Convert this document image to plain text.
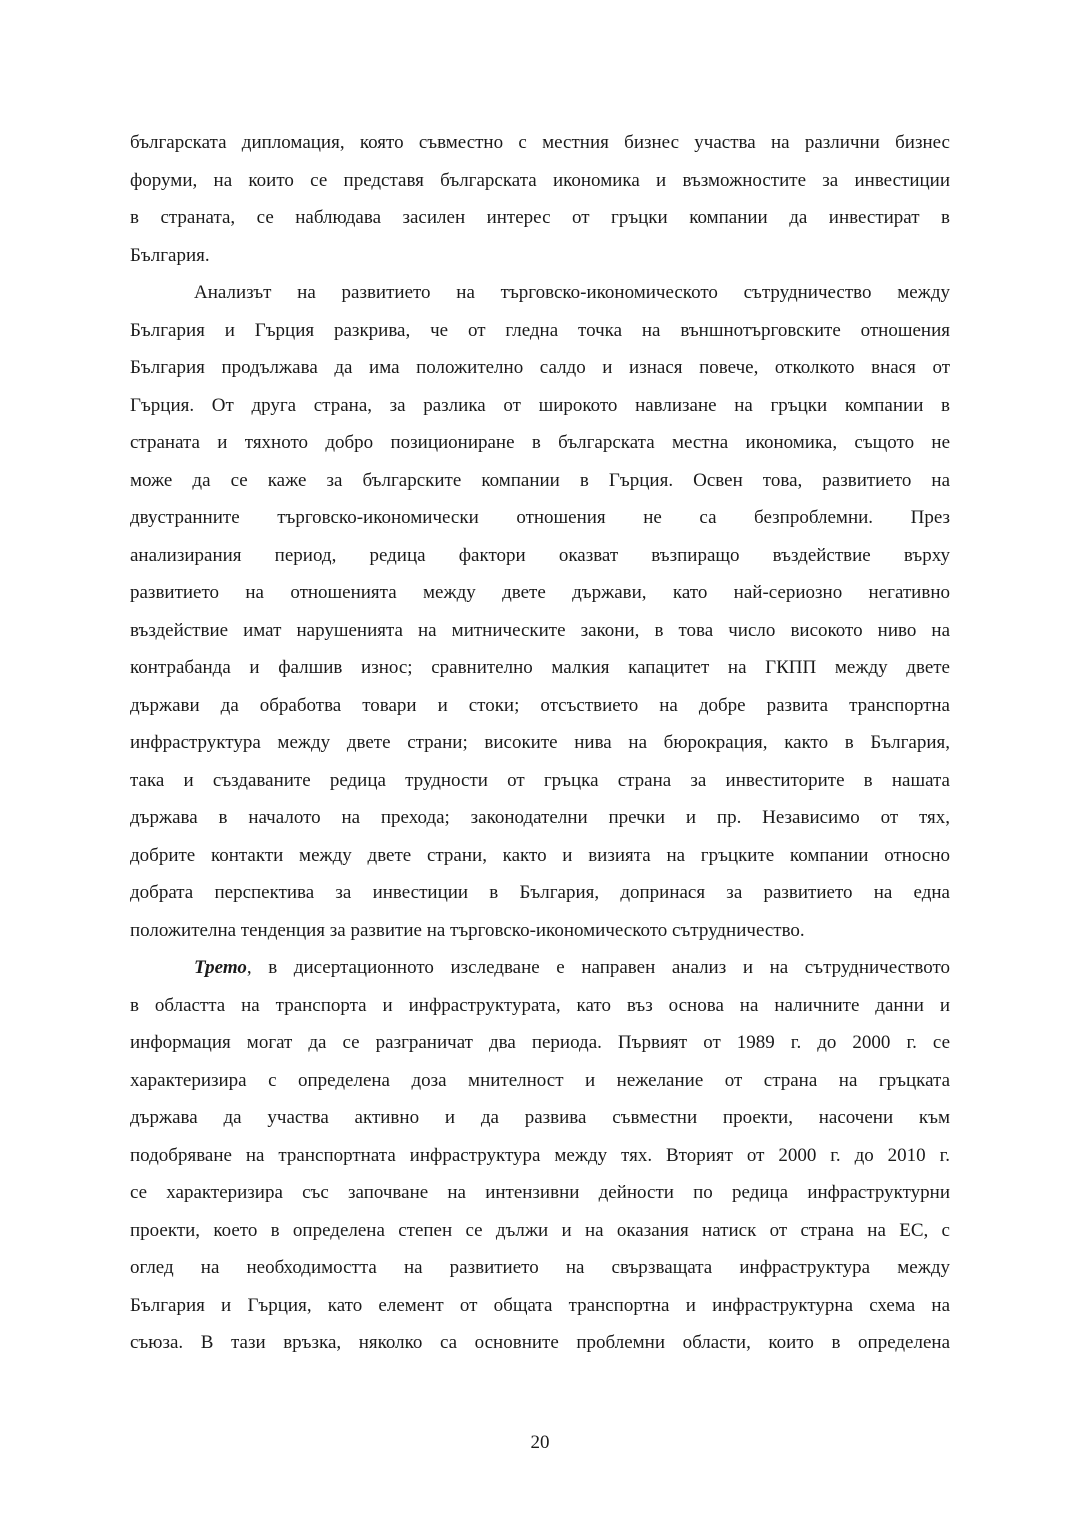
българската дипломация, която съвместно с местния бизнес участва на различни бизнес
форуми, на които се представя българската икономика и възможностите за инвестиции
в страната, се наблюдава засилен интерес от гръцки компании да инвестират в
България.
Анализът на развитието на търговско-икономическото сътрудничество между
България и Гърция разкрива, че от гледна точка на външнотърговските отношения
България продължава да има положително салдо и изнася повече, отколкото внася от
Гърция. От друга страна, за разлика от широкото навлизане на гръцки компании в
страната и тяхното добро позициониране в българската местна икономика, същото не
може да се каже за българските компании в Гърция. Освен това, развитието на
двустранните търговско-икономически отношения не са безпроблемни. През
анализирания период, редица фактори оказват възпиращо въздействие върху
развитието на отношенията между двете държави, като най-сериозно негативно
въздействие имат нарушенията на митническите закони, в това число високото ниво на
контрабанда и фалшив износ; сравнително малкия капацитет на ГКПП между двете
държави да обработва товари и стоки; отсъствието на добре развита транспортна
инфраструктура между двете страни; високите нива на бюрокрация, както в България,
така и създаваните редица трудности от гръцка страна за инвеститорите в нашата
държава в началото на прехода; законодателни пречки и пр. Независимо от тях,
добрите контакти между двете страни, както и визията на гръцките компании относно
добрата перспектива за инвестиции в България, допринася за развитието на една
положителна тенденция за развитие на търговско-икономическото сътрудничество.
Трето, в дисертационното изследване е направен анализ и на сътрудничеството
в областта на транспорта и инфраструктурата, като въз основа на наличните данни и
информация могат да се разграничат два периода. Първият от 1989 г. до 2000 г. се
характеризира с определена доза мнителност и нежелание от страна на гръцката
държава да участва активно и да развива съвместни проекти, насочени към
подобряване на транспортната инфраструктура между тях. Вторият от 2000 г. до 2010 г.
се характеризира със започване на интензивни дейности по редица инфраструктурни
проекти, което в определена степен се дължи и на оказания натиск от страна на ЕС, с
оглед на необходимостта на развитието на свързващата инфраструктура между
България и Гърция, като елемент от общата транспортна и инфраструктурна схема на
съюза. В тази връзка, няколко са основните проблемни области, които в определена
20
